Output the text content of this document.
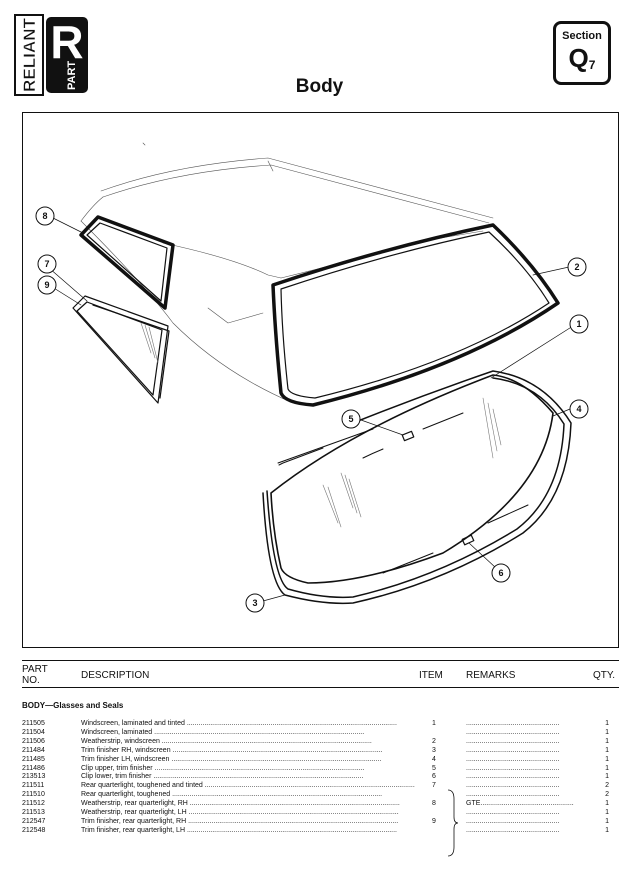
RELIANT R
PART	Body
Section
$Q_7$
1
2
3
4
5
6
7
8
9
PART
NO.	DESCRIPTION	ITEM REMARKS	QTY.
BODY—Glasses and Seals
211505	Windscreen, laminated and tinted .....	1 .....	1
211504	Windscreen, laminated ..... .....	1
211506	Weatherstrip, windscreen .....	2 .....	1
211484	Trim finisher RH, windscreen .....	3 .....	1
211485	Trim finisher LH, windscreen .....	4 .....	1
211486	Clip upper, trim finisher .....	5 .....	1
213513	Clip lower, trim finisher .....	6 .....	1
211511	Rear quarterlight, toughened and tinted .....	7 .....	2
211510	Rear quarterlight, toughened ..... .....	2
211512	Weatherstrip, rear quarterlight, RH .....	8	GTE .....	1
211513	Weatherstrip, rear quarterlight, LH ..... .....	1
212547	Trim finisher, rear quarterlight, RH .....	9 .....	1
212548	Trim finisher, rear quarterlight, LH ..... .....	1
